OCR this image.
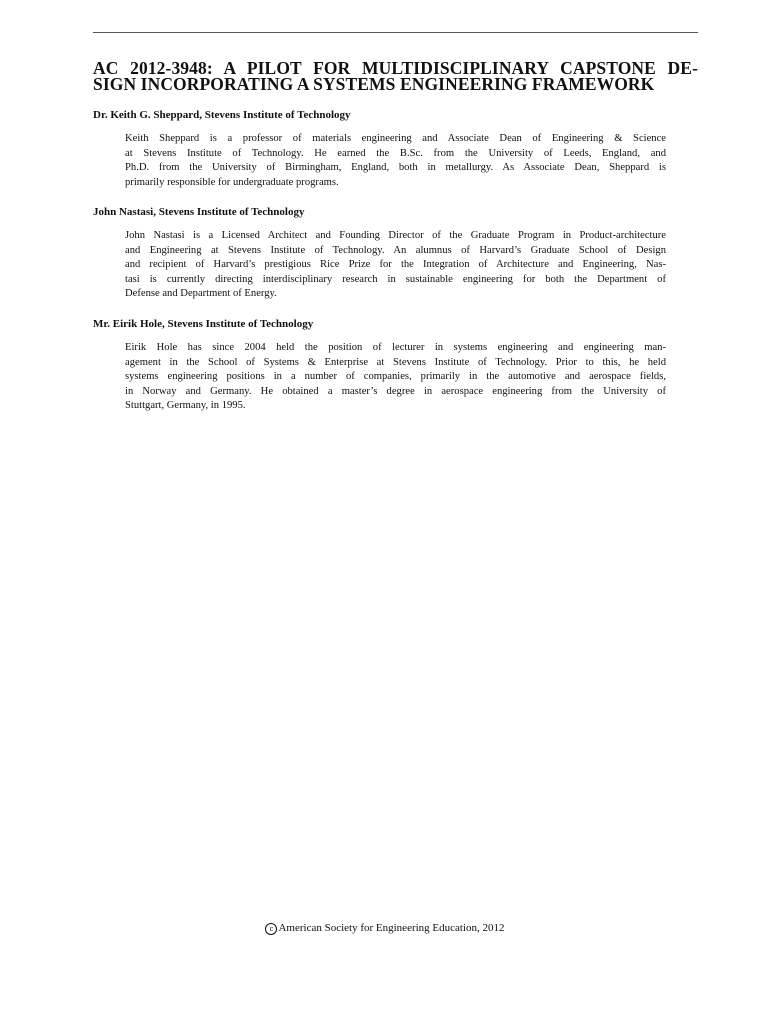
AC 2012-3948: A PILOT FOR MULTIDISCIPLINARY CAPSTONE DE-
SIGN INCORPORATING A SYSTEMS ENGINEERING FRAMEWORK

Dr. Keith G. Sheppard, Stevens Institute of Technology

Keith Sheppard is a professor of materials engineering and Associate Dean of Engineering & Science
at Stevens Institute of Technology. He earned the B.Sc. from the University of Leeds, England, and
Ph.D. from the University of Birmingham, England, both in metallurgy. As Associate Dean, Sheppard is
primarily responsible for undergraduate programs.

John Nastasi, Stevens Institute of Technology

John Nastasi is a Licensed Architect and Founding Director of the Graduate Program in Product-architecture
and Engineering at Stevens Institute of Technology. An alumnus of Harvard’s Graduate School of Design
and recipient of Harvard’s prestigious Rice Prize for the Integration of Architecture and Engineering, Nas-
tasi is currently directing interdisciplinary research in sustainable engineering for both the Department of
Defense and Department of Energy.

Mr. Eirik Hole, Stevens Institute of Technology

Eirik Hole has since 2004 held the position of lecturer in systems engineering and engineering man-
agement in the School of Systems & Enterprise at Stevens Institute of Technology. Prior to this, he held
systems engineering positions in a number of companies, primarily in the automotive and aerospace fields,
in Norway and Germany. He obtained a master’s degree in aerospace engineering from the University of
Stuttgart, Germany, in 1995.

c American Society for Engineering Education, 2012
